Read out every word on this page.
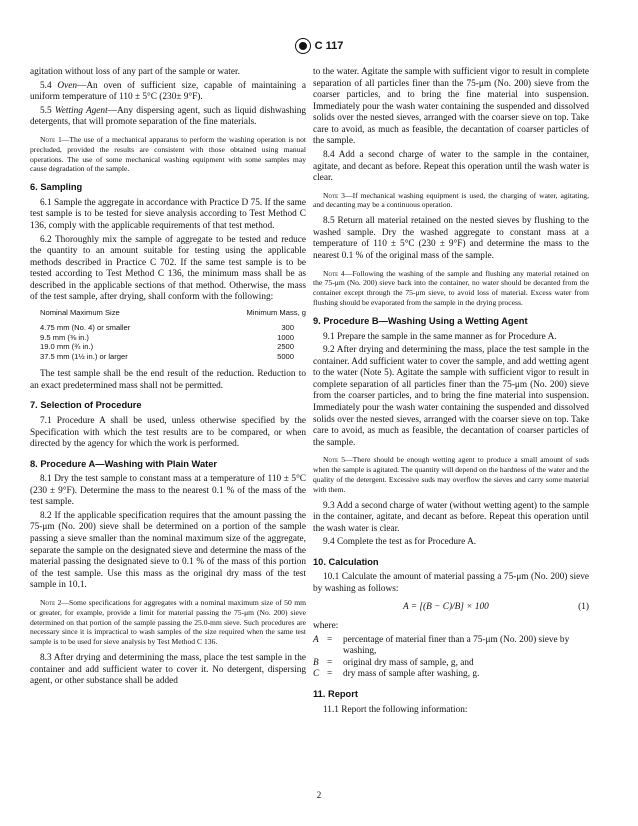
C 117

agitation without loss of any part of the sample or water.

5.4 Oven—An oven of sufficient size, capable of maintaining a uniform temperature of 110 ± 5°C (230± 9°F).

5.5 Wetting Agent—Any dispersing agent, such as liquid dishwashing detergents, that will promote separation of the fine materials.

Note 1—The use of a mechanical apparatus to perform the washing operation is not precluded, provided the results are consistent with those obtained using manual operations. The use of some mechanical washing equipment with some samples may cause degradation of the sample.
6. Sampling

6.1 Sample the aggregate in accordance with Practice D 75. If the same test sample is to be tested for sieve analysis according to Test Method C 136, comply with the applicable requirements of that test method.

6.2 Thoroughly mix the sample of aggregate to be tested and reduce the quantity to an amount suitable for testing using the applicable methods described in Practice C 702. If the same test sample is to be tested according to Test Method C 136, the minimum mass shall be as described in the applicable sections of that method. Otherwise, the mass of the test sample, after drying, shall conform with the following:

Nominal Maximum Size	Minimum Mass, g
4.75 mm (No. 4) or smaller	300
9.5 mm (⅜ in.)	1000
19.0 mm (¾ in.)	2500
37.5 mm (1½ in.) or larger	5000

The test sample shall be the end result of the reduction. Reduction to an exact predetermined mass shall not be permitted.

7. Selection of Procedure

7.1 Procedure A shall be used, unless otherwise specified by the Specification with which the test results are to be compared, or when directed by the agency for which the work is performed.

8. Procedure A—Washing with Plain Water

8.1 Dry the test sample to constant mass at a temperature of 110 ± 5°C (230 ± 9°F). Determine the mass to the nearest 0.1 % of the mass of the test sample.

8.2 If the applicable specification requires that the amount passing the 75-μm (No. 200) sieve shall be determined on a portion of the sample passing a sieve smaller than the nominal maximum size of the aggregate, separate the sample on the designated sieve and determine the mass of the material passing the designated sieve to 0.1 % of the mass of this portion of the test sample. Use this mass as the original dry mass of the test sample in 10.1.

Note 2—Some specifications for aggregates with a nominal maximum size of 50 mm or greater, for example, provide a limit for material passing the 75-μm (No. 200) sieve determined on that portion of the sample passing the 25.0-mm sieve. Such procedures are necessary since it is impractical to wash samples of the size required when the same test sample is to be used for sieve analysis by Test Method C 136.

8.3 After drying and determining the mass, place the test sample in the container and add sufficient water to cover it. No detergent, dispersing agent, or other substance shall be added

to the water. Agitate the sample with sufficient vigor to result in complete separation of all particles finer than the 75-μm (No. 200) sieve from the coarser particles, and to bring the fine material into suspension. Immediately pour the wash water containing the suspended and dissolved solids over the nested sieves, arranged with the coarser sieve on top. Take care to avoid, as much as feasible, the decantation of coarser particles of the sample.

8.4 Add a second charge of water to the sample in the container, agitate, and decant as before. Repeat this operation until the wash water is clear.

Note 3—If mechanical washing equipment is used, the charging of water, agitating, and decanting may be a continuous operation.

8.5 Return all material retained on the nested sieves by flushing to the washed sample. Dry the washed aggregate to constant mass at a temperature of 110 ± 5°C (230 ± 9°F) and determine the mass to the nearest 0.1 % of the original mass of the sample.

Note 4—Following the washing of the sample and flushing any material retained on the 75-μm (No. 200) sieve back into the container, no water should be decanted from the container except through the 75-μm sieve, to avoid loss of material. Excess water from flushing should be evaporated from the sample in the drying process.
9. Procedure B—Washing Using a Wetting Agent

9.1 Prepare the sample in the same manner as for Procedure A.

9.2 After drying and determining the mass, place the test sample in the container. Add sufficient water to cover the sample, and add wetting agent to the water (Note 5). Agitate the sample with sufficient vigor to result in complete separation of all particles finer than the 75-μm (No. 200) sieve from the coarser particles, and to bring the fine material into suspension. Immediately pour the wash water containing the suspended and dissolved solids over the nested sieves, arranged with the coarser sieve on top. Take care to avoid, as much as feasible, the decantation of coarser particles of the sample.

Note 5—There should be enough wetting agent to produce a small amount of suds when the sample is agitated. The quantity will depend on the hardness of the water and the quality of the detergent. Excessive suds may overflow the sieves and carry some material with them.

9.3 Add a second charge of water (without wetting agent) to the sample in the container, agitate, and decant as before. Repeat this operation until the wash water is clear.

9.4 Complete the test as for Procedure A.

10. Calculation

10.1 Calculate the amount of material passing a 75-μm (No. 200) sieve by washing as follows:

A = [(B − C)/B] × 100	(1)
where:
A =	percentage of material finer than a 75-μm (No. 200) sieve by washing,
B =	original dry mass of sample, g, and
C =	dry mass of sample after washing, g.
11. Report

11.1 Report the following information:

2
